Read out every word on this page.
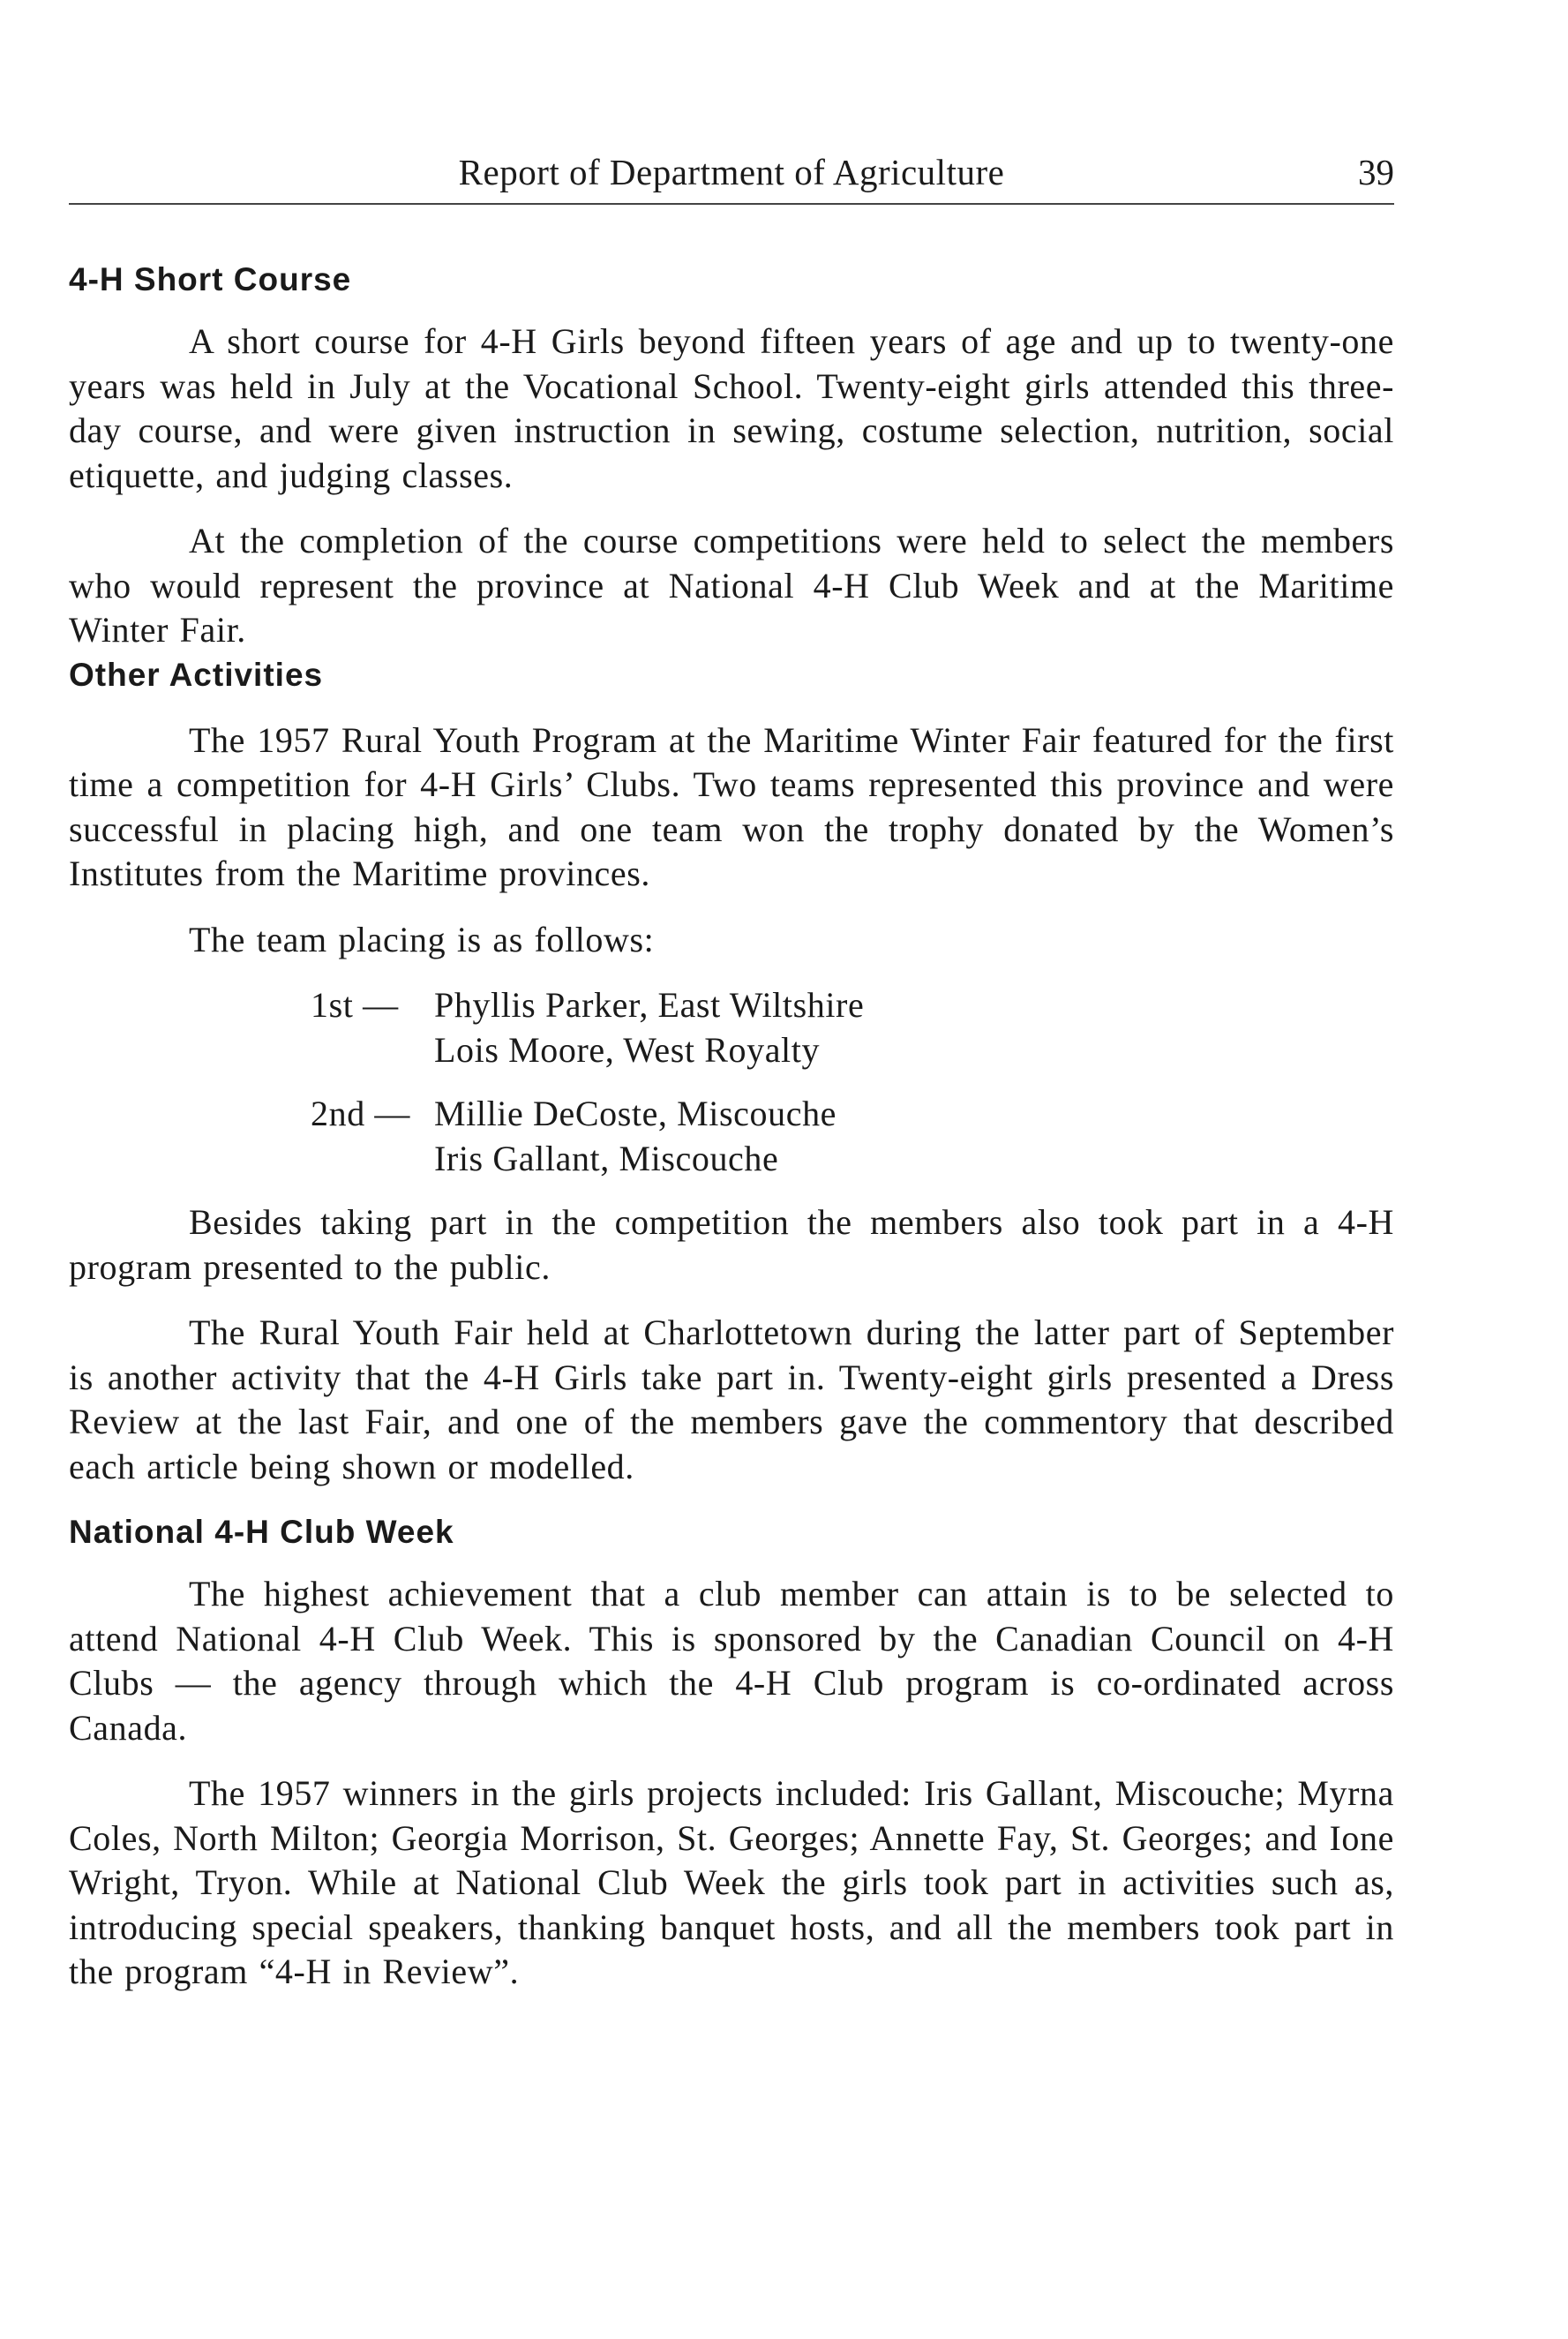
Report of Department of Agriculture	39
4-H Short Course

A short course for 4-H Girls beyond fifteen years of age and up to twenty-one years was held in July at the Vocational School. Twenty-eight girls attended this three-day course, and were given instruction in sewing, costume selection, nutrition, social etiquette, and judging classes.

At the completion of the course competitions were held to select the members who would represent the province at National 4-H Club Week and at the Maritime Winter Fair.

Other Activities

The 1957 Rural Youth Program at the Maritime Winter Fair featured for the first time a competition for 4-H Girls’ Clubs. Two teams represented this province and were successful in placing high, and one team won the trophy donated by the Women’s Institutes from the Maritime provinces.

The team placing is as follows:

1st —	Phyllis Parker, East Wiltshire
Lois Moore, West Royalty
2nd — Millie DeCoste, Miscouche
Iris Gallant, Miscouche

Besides taking part in the competition the members also took part in a 4-H program presented to the public.

The Rural Youth Fair held at Charlottetown during the latter part of September is another activity that the 4-H Girls take part in. Twenty-eight girls presented a Dress Review at the last Fair, and one of the members gave the commentory that described each article being shown or modelled.

National 4-H Club Week

The highest achievement that a club member can attain is to be selected to attend National 4-H Club Week. This is sponsored by the Canadian Council on 4-H Clubs — the agency through which the 4-H Club program is co-ordinated across Canada.

The 1957 winners in the girls projects included: Iris Gallant, Miscouche; Myrna Coles, North Milton; Georgia Morrison, St. Georges; Annette Fay, St. Georges; and Ione Wright, Tryon. While at National Club Week the girls took part in activities such as, introducing special speakers, thanking banquet hosts, and all the members took part in the program “4-H in Review”.
